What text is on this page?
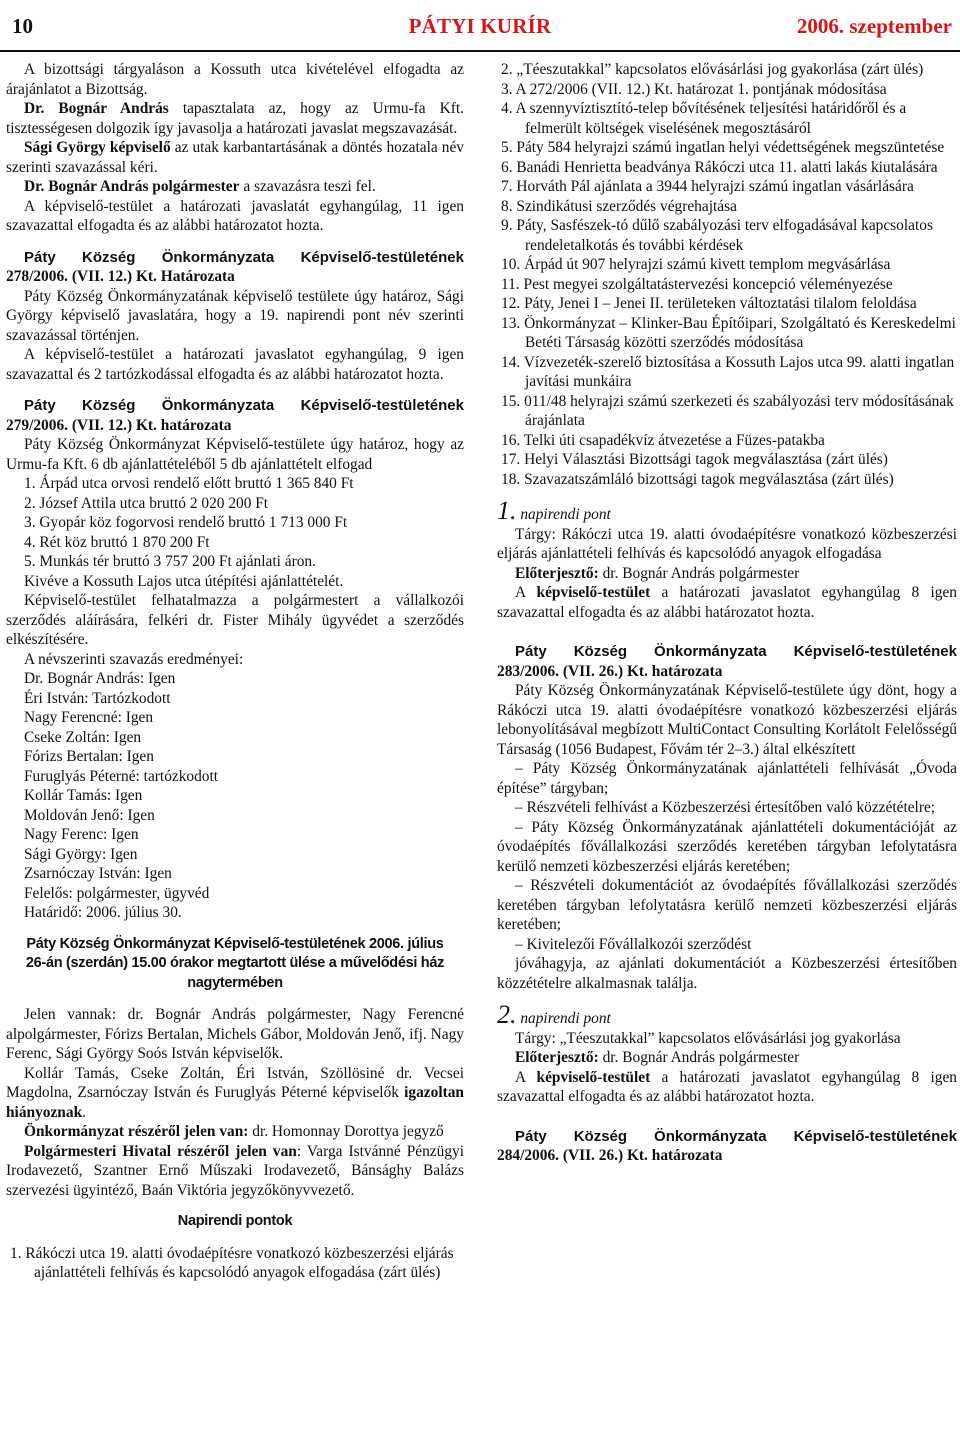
10	PÁTYI KURÍR	2006. szeptember

A bizottsági tárgyaláson a Kossuth utca kivételével elfogadta az árajánlatot a Bizottság.

Dr. Bognár András tapasztalata az, hogy az Urmu-fa Kft. tisztességesen dolgozik így javasolja a határozati javaslat megszavazását.

Sági György képviselő az utak karbantartásának a döntés hozatala név szerinti szavazással kéri.

Dr. Bognár András polgármester a szavazásra teszi fel.

A képviselő-testület a határozati javaslatát egyhangúlag, 11 igen szavazattal elfogadta és az alábbi határozatot hozta.

Páty Község Önkormányzata Képviselő-testületének

278/2006. (VII. 12.) Kt. Határozata

Páty Község Önkormányzatának képviselő testülete úgy határoz, Sági György képviselő javaslatára, hogy a 19. napirendi pont név szerinti szavazással történjen.

A képviselő-testület a határozati javaslatot egyhangúlag, 9 igen szavazattal és 2 tartózkodással elfogadta és az alábbi határozatot hozta.

Páty Község Önkormányzata Képviselő-testületének

279/2006. (VII. 12.) Kt. határozata

Páty Község Önkormányzat Képviselő-testülete úgy határoz, hogy az Urmu-fa Kft. 6 db ajánlattételéből 5 db ajánlattételt elfogad

1. Árpád utca orvosi rendelő előtt bruttó 1 365 840 Ft

2. József Attila utca bruttó 2 020 200 Ft

3. Gyopár köz fogorvosi rendelő bruttó 1 713 000 Ft

4. Rét köz bruttó 1 870 200 Ft

5. Munkás tér bruttó 3 757 200 Ft ajánlati áron.

Kivéve a Kossuth Lajos utca útépítési ajánlattételét.

Képviselő-testület felhatalmazza a polgármestert a vállalkozói szerződés aláírására, felkéri dr. Fister Mihály ügyvédet a szerződés elkészítésére.

A névszerinti szavazás eredményei:

Dr. Bognár András: Igen

Éri István: Tartózkodott

Nagy Ferencné: Igen

Cseke Zoltán: Igen

Fórizs Bertalan: Igen

Furuglyás Péterné: tartózkodott

Kollár Tamás: Igen

Moldován Jenő: Igen

Nagy Ferenc: Igen

Sági György: Igen

Zsarnóczay István: Igen

Felelős: polgármester, ügyvéd

Határidő: 2006. július 30.

Páty Község Önkormányzat Képviselő-testületének 2006. július 26-án (szerdán) 15.00 órakor megtartott ülése a művelődési ház nagytermében

Jelen vannak: dr. Bognár András polgármester, Nagy Ferencné alpolgármester, Fórizs Bertalan, Michels Gábor, Moldován Jenő, ifj. Nagy Ferenc, Sági György Soós István képviselők.

Kollár Tamás, Cseke Zoltán, Éri István, Szöllösiné dr. Vecsei Magdolna, Zsarnóczay István és Furuglyás Péterné képviselők igazoltan hiányoznak.

Önkormányzat részéről jelen van: dr. Homonnay Dorottya jegyző

Polgármesteri Hivatal részéről jelen van: Varga Istvánné Pénzügyi Irodavezető, Szantner Ernő Műszaki Irodavezető, Bánsághy Balázs szervezési ügyintéző, Baán Viktória jegyzőkönyvvezető.

Napirendi pontok

1. Rákóczi utca 19. alatti óvodaépítésre vonatkozó közbeszerzési eljárás ajánlattételi felhívás és kapcsolódó anyagok elfogadása (zárt ülés)

2. „Téeszutakkal” kapcsolatos elővásárlási jog gyakorlása (zárt ülés)

3. A 272/2006 (VII. 12.) Kt. határozat 1. pontjának módosítása

4. A szennyvíztisztító-telep bővítésének teljesítési határidőről és a felmerült költségek viselésének megosztásáról

5. Páty 584 helyrajzi számú ingatlan helyi védettségének megszüntetése

6. Banádi Henrietta beadványa Rákóczi utca 11. alatti lakás kiutalására

7. Horváth Pál ajánlata a 3944 helyrajzi számú ingatlan vásárlására

8. Szindikátusi szerződés végrehajtása

9. Páty, Sasfészek-tó dűlő szabályozási terv elfogadásával kapcsolatos rendeletalkotás és további kérdések

10. Árpád út 907 helyrajzi számú kivett templom megvásárlása

11. Pest megyei szolgáltatástervezési koncepció véleményezése

12. Páty, Jenei I – Jenei II. területeken változtatási tilalom feloldása

13. Önkormányzat – Klinker-Bau Építőipari, Szolgáltató és Kereskedelmi Betéti Társaság közötti szerződés módosítása

14. Vízvezeték-szerelő biztosítása a Kossuth Lajos utca 99. alatti ingatlan javítási munkáira

15. 011/48 helyrajzi számú szerkezeti és szabályozási terv módosításának árajánlata

16. Telki úti csapadékvíz átvezetése a Füzes-patakba

17. Helyi Választási Bizottsági tagok megválasztása (zárt ülés)

18. Szavazatszámláló bizottsági tagok megválasztása (zárt ülés)

1. napirendi pont

Tárgy: Rákóczi utca 19. alatti óvodaépítésre vonatkozó közbeszerzési eljárás ajánlattételi felhívás és kapcsolódó anyagok elfogadása

Előterjesztő: dr. Bognár András polgármester

A képviselő-testület a határozati javaslatot egyhangúlag 8 igen szavazattal elfogadta és az alábbi határozatot hozta.

Páty Község Önkormányzata Képviselő-testületének

283/2006. (VII. 26.) Kt. határozata

Páty Község Önkormányzatának Képviselő-testülete úgy dönt, hogy a Rákóczi utca 19. alatti óvodaépítésre vonatkozó közbeszerzési eljárás lebonyolításával megbízott MultiContact Consulting Korlátolt Felelősségű Társaság (1056 Budapest, Fővám tér 2–3.) által elkészített

– Páty Község Önkormányzatának ajánlattételi felhívását „Óvoda építése” tárgyban;

– Részvételi felhívást a Közbeszerzési értesítőben való közzétételre;

– Páty Község Önkormányzatának ajánlattételi dokumentációját az óvodaépítés fővállalkozási szerződés keretében tárgyban lefolytatásra kerülő nemzeti közbeszerzési eljárás keretében;

– Részvételi dokumentációt az óvodaépítés fővállalkozási szerződés keretében tárgyban lefolytatásra kerülő nemzeti közbeszerzési eljárás keretében;

– Kivitelezői Fővállalkozói szerződést

jóváhagyja, az ajánlati dokumentációt a Közbeszerzési értesítőben közzétételre alkalmasnak találja.

2. napirendi pont

Tárgy: „Téeszutakkal” kapcsolatos elővásárlási jog gyakorlása

Előterjesztő: dr. Bognár András polgármester

A képviselő-testület a határozati javaslatot egyhangúlag 8 igen szavazattal elfogadta és az alábbi határozatot hozta.

Páty Község Önkormányzata Képviselő-testületének

284/2006. (VII. 26.) Kt. határozata
